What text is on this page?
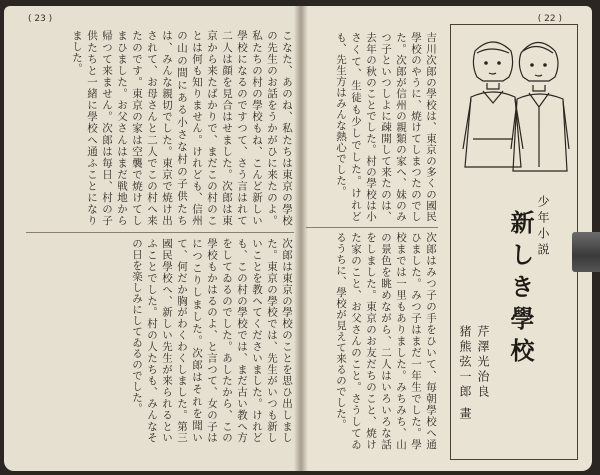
( 23 )
こなた、あのね、私たちは東京の學校の先生のお話をうかがひに来たのよ。私たちの村の學校もね、こんど新しい學校になるのですつて、さう言はれて二人は顔を見合はせました。次郎は東京から来たばかりで、まだこの村のことは何も知りません。けれども、信州の山の間にある小さな村の子供たちは、みんな親切でした。東京で焼け出されて、お母さんと二人でこの村へ来たのです。東京の家は空襲で焼けてしまひました。お父さんはまだ戦地から帰つて来ません。次郎は毎日、村の子供たちと一緒に學校へ通ふことになりました。
次郎は東京の學校のことを思ひ出しました。東京の學校では、先生がいつも新しいことを教へてくださいました。けれども、この村の學校では、まだ古い教へ方をしてゐるのでした。あしたから、この學校もかはるのよ、と言つて、女の子はにつこりしました。次郎はそれを聞いて、何だか胸がわくわくしました。第三國民學校へ、新しい先生が来られるといふことでした。村の人たちも、みんなその日を楽しみにしてゐるのでした。
( 22 )
少年小説
新しき學校
芹澤光治良
猪熊弦一郎 畫
吉川次郎の學校は、東京の多くの國民學校のやうに、焼けてしまつたのでした。次郎が信州の親類の家へ、妹のみつ子といつしよに疎開して来たのは、去年の秋のことでした。村の學校は小さくて、生徒も少しでした。けれども、先生方はみんな熱心でした。
次郎はみつ子の手をひいて、毎朝學校へ通ひました。みつ子はまだ一年生でした。學校までは一里もありました。みちみち、山の景色を眺めながら、二人はいろいろな話をしました。東京のお友だちのこと、焼けた家のこと、お父さんのこと。さうしてゐるうちに、學校が見えて来るのでした。
